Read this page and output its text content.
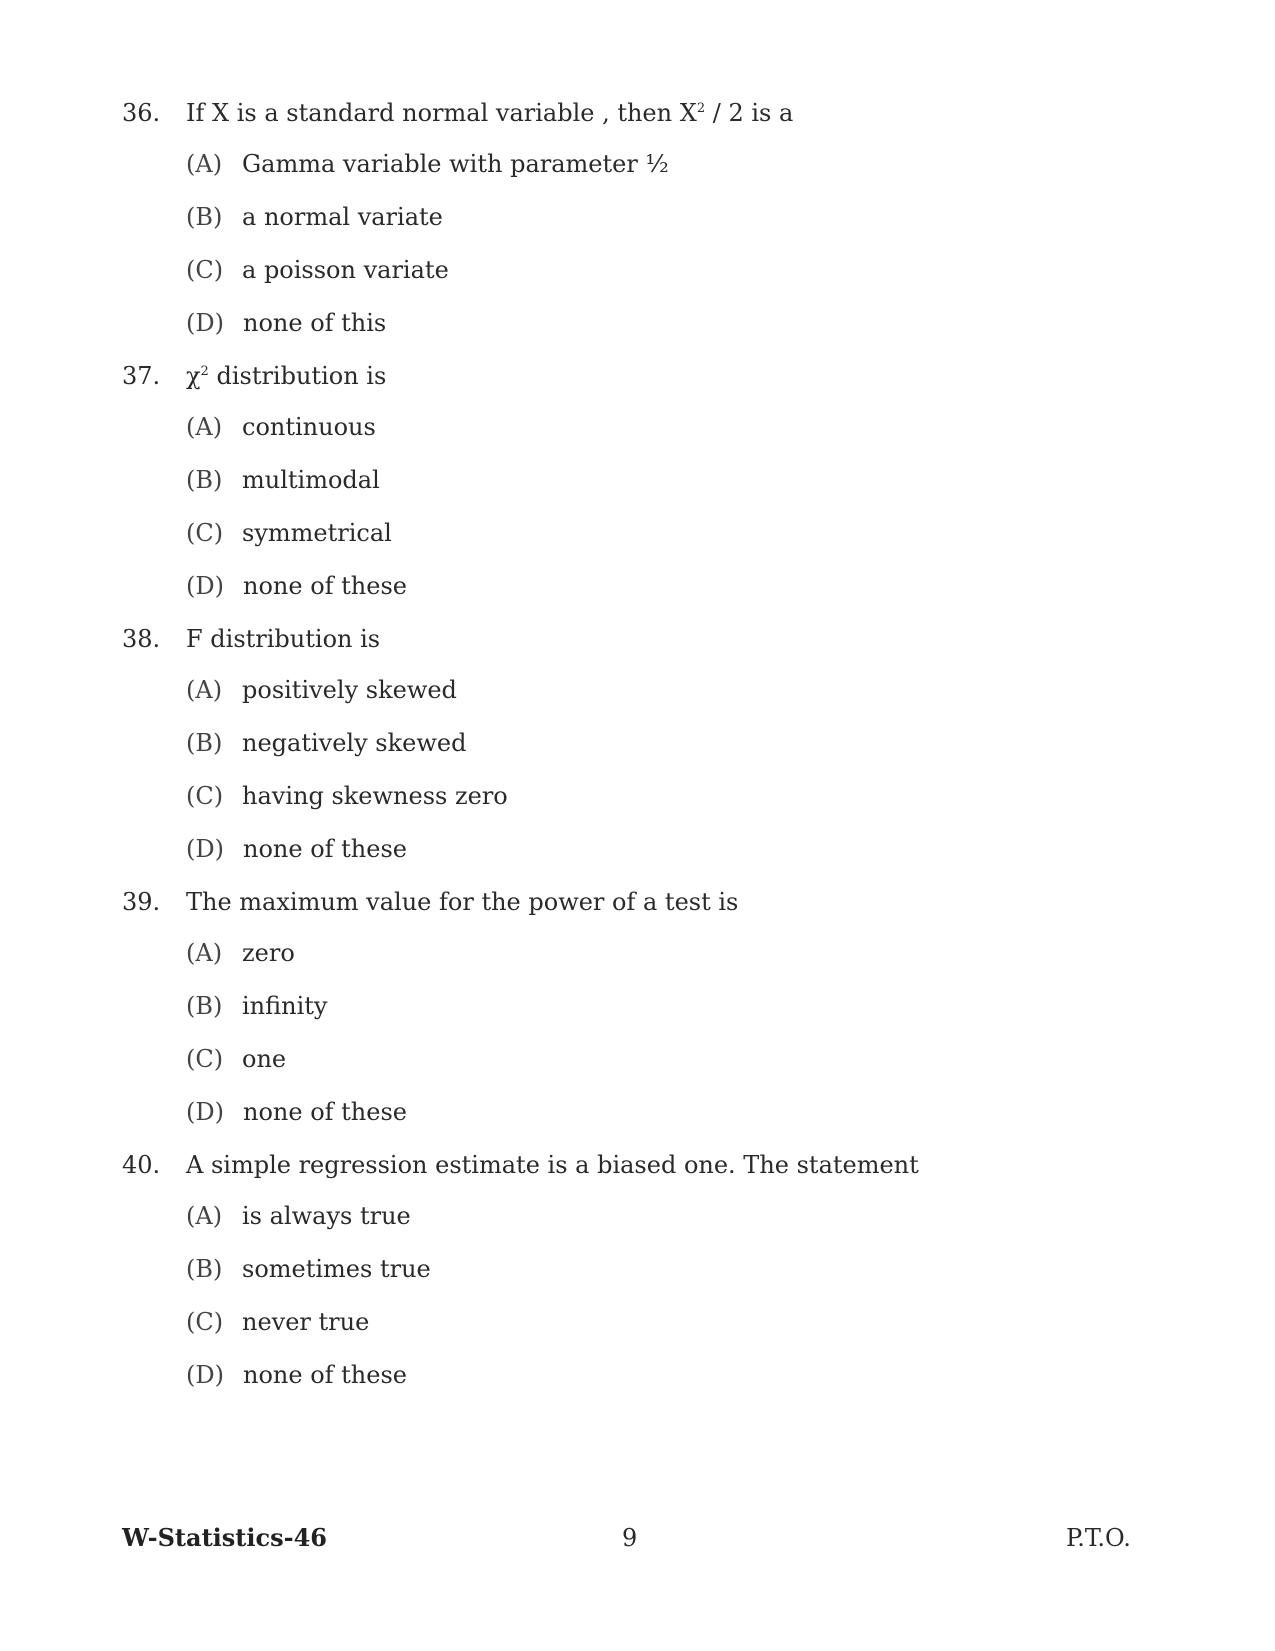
36. If X is a standard normal variable , then $X^2 / 2$ is a
(A) Gamma variable with parameter ½
(B) a normal variate
(C) a poisson variate
(D) none of this
37. $\chi^2$ distribution is
(A) continuous
(B) multimodal
(C) symmetrical
(D) none of these
38. F distribution is
(A) positively skewed
(B) negatively skewed
(C) having skewness zero
(D) none of these
39. The maximum value for the power of a test is
(A) zero
(B) infinity
(C) one
(D) none of these
40. A simple regression estimate is a biased one. The statement
(A) is always true
(B) sometimes true
(C) never true
(D) none of these
W-Statistics-46	9	P.T.O.
